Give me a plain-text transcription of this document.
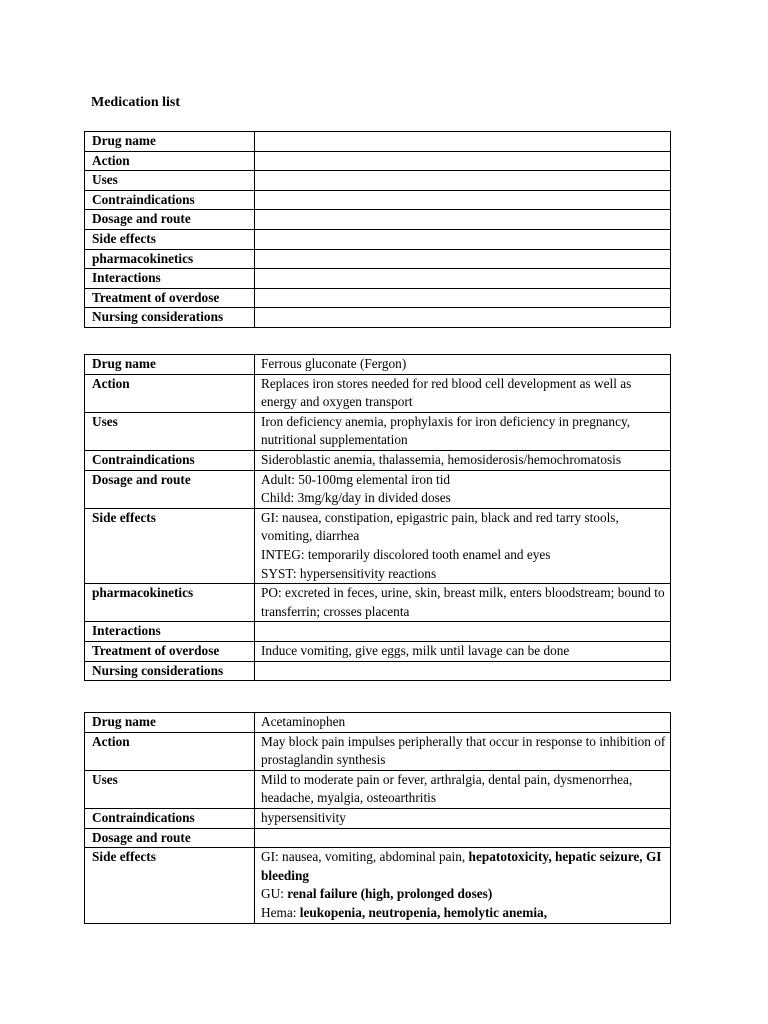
Medication list
Drug name	
Action	
Uses	
Contraindications	
Dosage and route	
Side effects	
pharmacokinetics	
Interactions	
Treatment of overdose	
Nursing considerations	
Drug name	Ferrous gluconate (Fergon)
Action	Replaces iron stores needed for red blood cell development as well as energy and oxygen transport
Uses	Iron deficiency anemia, prophylaxis for iron deficiency in pregnancy, nutritional supplementation
Contraindications	Sideroblastic anemia, thalassemia, hemosiderosis/hemochromatosis
Dosage and route	Adult: 50-100mg elemental iron tid
Child: 3mg/kg/day in divided doses

Side effects	GI: nausea, constipation, epigastric pain, black and red tarry stools, vomiting, diarrhea
INTEG: temporarily discolored tooth enamel and eyes
SYST: hypersensitivity reactions

pharmacokinetics	PO: excreted in feces, urine, skin, breast milk, enters bloodstream; bound to transferrin; crosses placenta
Interactions	
Treatment of overdose	Induce vomiting, give eggs, milk until lavage can be done
Nursing considerations	
Drug name	Acetaminophen
Action	May block pain impulses peripherally that occur in response to inhibition of prostaglandin synthesis
Uses	Mild to moderate pain or fever, arthralgia, dental pain, dysmenorrhea, headache, myalgia, osteoarthritis
Contraindications	hypersensitivity
Dosage and route	
Side effects	GI: nausea, vomiting, abdominal pain, hepatotoxicity, hepatic seizure, GI bleeding
GU: renal failure (high, prolonged doses)
Hema: leukopenia, neutropenia, hemolytic anemia,
